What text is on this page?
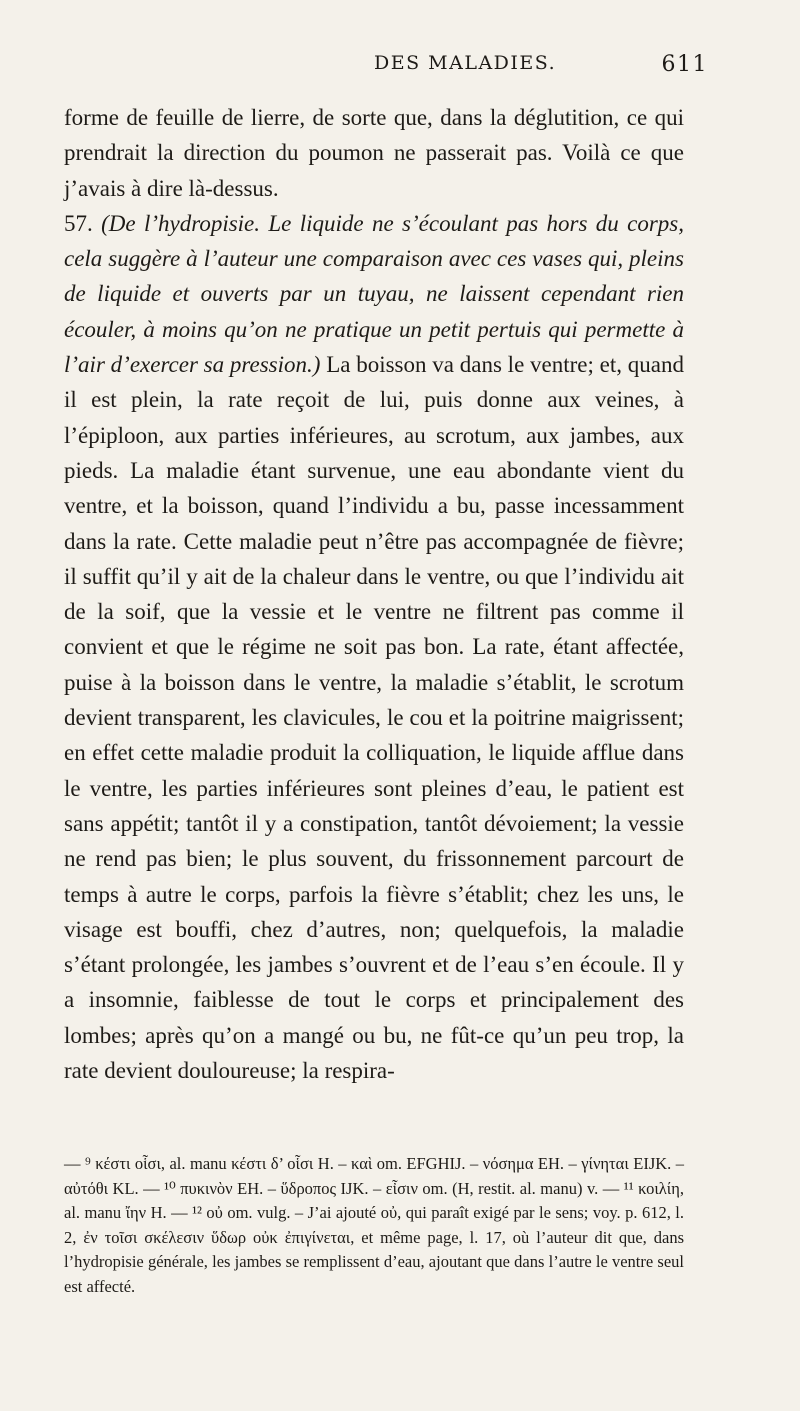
DES MALADIES.	611

forme de feuille de lierre, de sorte que, dans la déglutition, ce qui prendrait la direction du poumon ne passerait pas. Voilà ce que j’avais à dire là-dessus.

57. (De l’hydropisie. Le liquide ne s’écoulant pas hors du corps, cela suggère à l’auteur une comparaison avec ces vases qui, pleins de liquide et ouverts par un tuyau, ne laissent cependant rien écouler, à moins qu’on ne pratique un petit pertuis qui permette à l’air d’exercer sa pression.) La boisson va dans le ventre; et, quand il est plein, la rate reçoit de lui, puis donne aux veines, à l’épiploon, aux parties inférieures, au scrotum, aux jambes, aux pieds. La maladie étant survenue, une eau abondante vient du ventre, et la boisson, quand l’individu a bu, passe incessamment dans la rate. Cette maladie peut n’être pas accompagnée de fièvre; il suffit qu’il y ait de la chaleur dans le ventre, ou que l’individu ait de la soif, que la vessie et le ventre ne filtrent pas comme il convient et que le régime ne soit pas bon. La rate, étant affectée, puise à la boisson dans le ventre, la maladie s’établit, le scrotum devient transparent, les clavicules, le cou et la poitrine maigrissent; en effet cette maladie produit la colliquation, le liquide afflue dans le ventre, les parties inférieures sont pleines d’eau, le patient est sans appétit; tantôt il y a constipation, tantôt dévoiement; la vessie ne rend pas bien; le plus souvent, du frissonnement parcourt de temps à autre le corps, parfois la fièvre s’établit; chez les uns, le visage est bouffi, chez d’autres, non; quelquefois, la maladie s’étant prolongée, les jambes s’ouvrent et de l’eau s’en écoule. Il y a insomnie, faiblesse de tout le corps et principalement des lombes; après qu’on a mangé ou bu, ne fût-ce qu’un peu trop, la rate devient douloureuse; la respira-

— ⁹ κέστι οἷσι, al. manu κέστι δ’ οἷσι H. – καὶ om. EFGHIJ. – νόσημα EH. – γίνηται EIJK. – αὐτόθι KL. — ¹⁰ πυκινὸν EH. – ὕδροπος IJK. – εἶσιν om. (H, restit. al. manu) v. — ¹¹ κοιλίη, al. manu ἴην H. — ¹² οὐ om. vulg. – J’ai ajouté οὐ, qui paraît exigé par le sens; voy. p. 612, l. 2, ἐν τοῖσι σκέλεσιν ὕδωρ οὐκ ἐπιγίνεται, et même page, l. 17, où l’auteur dit que, dans l’hydropisie générale, les jambes se remplissent d’eau, ajoutant que dans l’autre le ventre seul est affecté.
